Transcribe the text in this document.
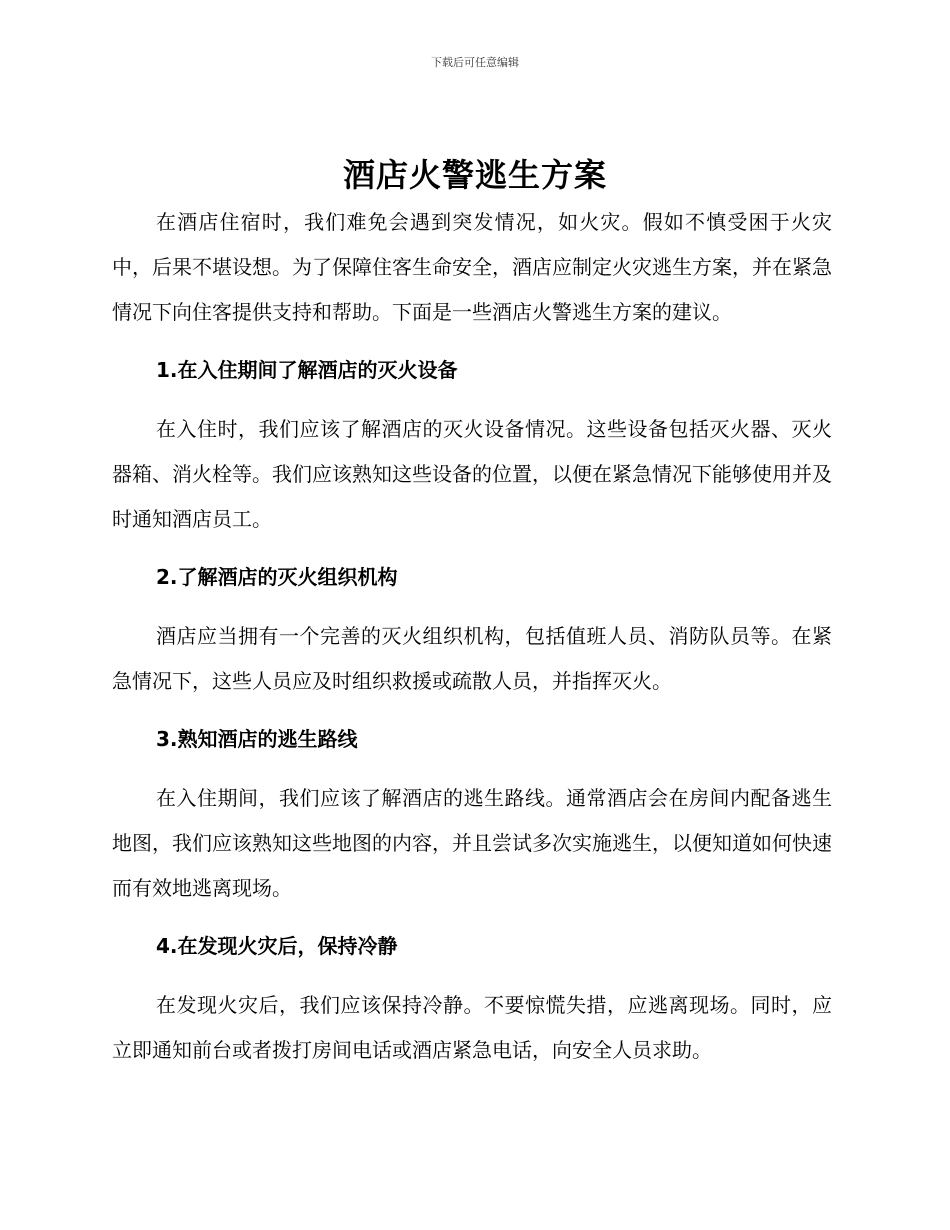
下载后可任意编辑
酒店火警逃生方案

在酒店住宿时，我们难免会遇到突发情况，如火灾。假如不慎受困于火灾中，后果不堪设想。为了保障住客生命安全，酒店应制定火灾逃生方案，并在紧急情况下向住客提供支持和帮助。下面是一些酒店火警逃生方案的建议。

1.在入住期间了解酒店的灭火设备

在入住时，我们应该了解酒店的灭火设备情况。这些设备包括灭火器、灭火器箱、消火栓等。我们应该熟知这些设备的位置，以便在紧急情况下能够使用并及时通知酒店员工。

2.了解酒店的灭火组织机构

酒店应当拥有一个完善的灭火组织机构，包括值班人员、消防队员等。在紧急情况下，这些人员应及时组织救援或疏散人员，并指挥灭火。

3.熟知酒店的逃生路线

在入住期间，我们应该了解酒店的逃生路线。通常酒店会在房间内配备逃生地图，我们应该熟知这些地图的内容，并且尝试多次实施逃生，以便知道如何快速而有效地逃离现场。

4.在发现火灾后，保持冷静

在发现火灾后，我们应该保持冷静。不要惊慌失措，应逃离现场。同时，应立即通知前台或者拨打房间电话或酒店紧急电话，向安全人员求助。
